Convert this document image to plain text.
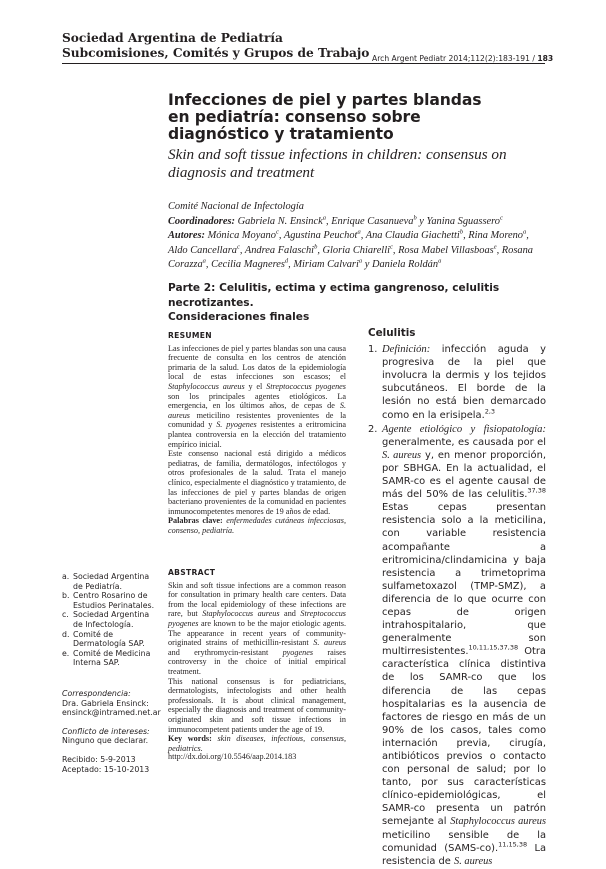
Sociedad Argentina de Pediatría
Subcomisiones, Comités y Grupos de Trabajo Arch Argent Pediatr 2014;112(2):183-191 / 183
Infecciones de piel y partes blandas en pediatría: consenso sobre diagnóstico y tratamiento
Skin and soft tissue infections in children: consensus on diagnosis and treatment
Comité Nacional de Infectología
Coordinadores: Gabriela N. Ensinck$^a$, Enrique Casanueva$^b$ y Yanina Sguassero$^c$
Autores: Mónica Moyano$^c$, Agustina Peuchot$^a$, Ana Claudia Giachetti$^b$, Rina Moreno$^a$, Aldo Cancellara$^c$, Andrea Falaschi$^b$, Gloria Chiarelli$^c$, Rosa Mabel Villasboas$^e$, Rosana Corazza$^a$, Cecilia Magneres$^d$, Miriam Calvari$^a$ y Daniela Roldán$^a$
Parte 2: Celulitis, ectima y ectima gangrenoso, celulitis necrotizantes.
Consideraciones finales
RESUMEN

Las infecciones de piel y partes blandas son una causa frecuente de consulta en los centros de atención primaria de la salud. Los datos de la epidemiología local de estas infecciones son escasos; el Staphylococcus aureus y el Streptococcus pyogenes son los principales agentes etiológicos. La emergencia, en los últimos años, de cepas de S. aureus meticilino resistentes provenientes de la comunidad y S. pyogenes resistentes a eritromicina plantea controversia en la elección del tratamiento empírico inicial.

Este consenso nacional está dirigido a médicos pediatras, de familia, dermatólogos, infectólogos y otros profesionales de la salud. Trata el manejo clínico, especialmente el diagnóstico y tratamiento, de las infecciones de piel y partes blandas de origen bacteriano provenientes de la comunidad en pacientes inmunocompetentes menores de 19 años de edad.

Palabras clave: enfermedades cutáneas infecciosas, consenso, pediatría.

ABSTRACT

Skin and soft tissue infections are a common reason for consultation in primary health care centers. Data from the local epidemiology of these infections are rare, but Staphylococcus aureus and Streptococcus pyogenes are known to be the major etiologic agents. The appearance in recent years of community-originated strains of methicillin-resistant S. aureus and erythromycin-resistant pyogenes raises controversy in the choice of initial empirical treatment.

This national consensus is for pediatricians, dermatologists, infectologists and other health professionals. It is about clinical management, especially the diagnosis and treatment of community-originated skin and soft tissue infections in immunocompetent patients under the age of 19.

Key words: skin diseases, infectious, consensus, pediatrics.

http://dx.doi.org/10.5546/aap.2014.183
a. Sociedad Argentina de Pediatría.
b. Centro Rosarino de Estudios Perinatales.
c. Sociedad Argentina de Infectología.
d. Comité de Dermatología SAP.
e. Comité de Medicina Interna SAP.
Correspondencia:
Dra. Gabriela Ensinck:
ensinck@intramed.net.ar
Conflicto de intereses:
Ninguno que declarar.
Recibido: 5-9-2013
Aceptado: 15-10-2013
Celulitis
1. Definición: infección aguda y progresiva de la piel que involucra la dermis y los tejidos subcutáneos. El borde de la lesión no está bien demarcado como en la erisipela.$^{2,3}$
2. Agente etiológico y fisiopatología: generalmente, es causada por el S. aureus y, en menor proporción, por SBHGA. En la actualidad, el SAMR-co es el agente causal de más del 50% de las celulitis.$^{37,38}$ Estas cepas presentan resistencia solo a la meticilina, con variable resistencia acompañante a eritromicina/clindamicina y baja resistencia a trimetoprima sulfametoxazol (TMP-SMZ), a diferencia de lo que ocurre con cepas de origen intrahospitalario, que generalmente son multirresistentes.$^{10,11,15,37,38}$ Otra característica clínica distintiva de los SAMR-co que los diferencia de las cepas hospitalarias es la ausencia de factores de riesgo en más de un 90% de los casos, tales como internación previa, cirugía, antibióticos previos o contacto con personal de salud; por lo tanto, por sus características clínico-epidemiológicas, el SAMR-co presenta un patrón semejante al Staphylococcus aureus meticilino sensible de la comunidad (SAMS-co).$^{11,15,38}$ La resistencia de S. aureus
